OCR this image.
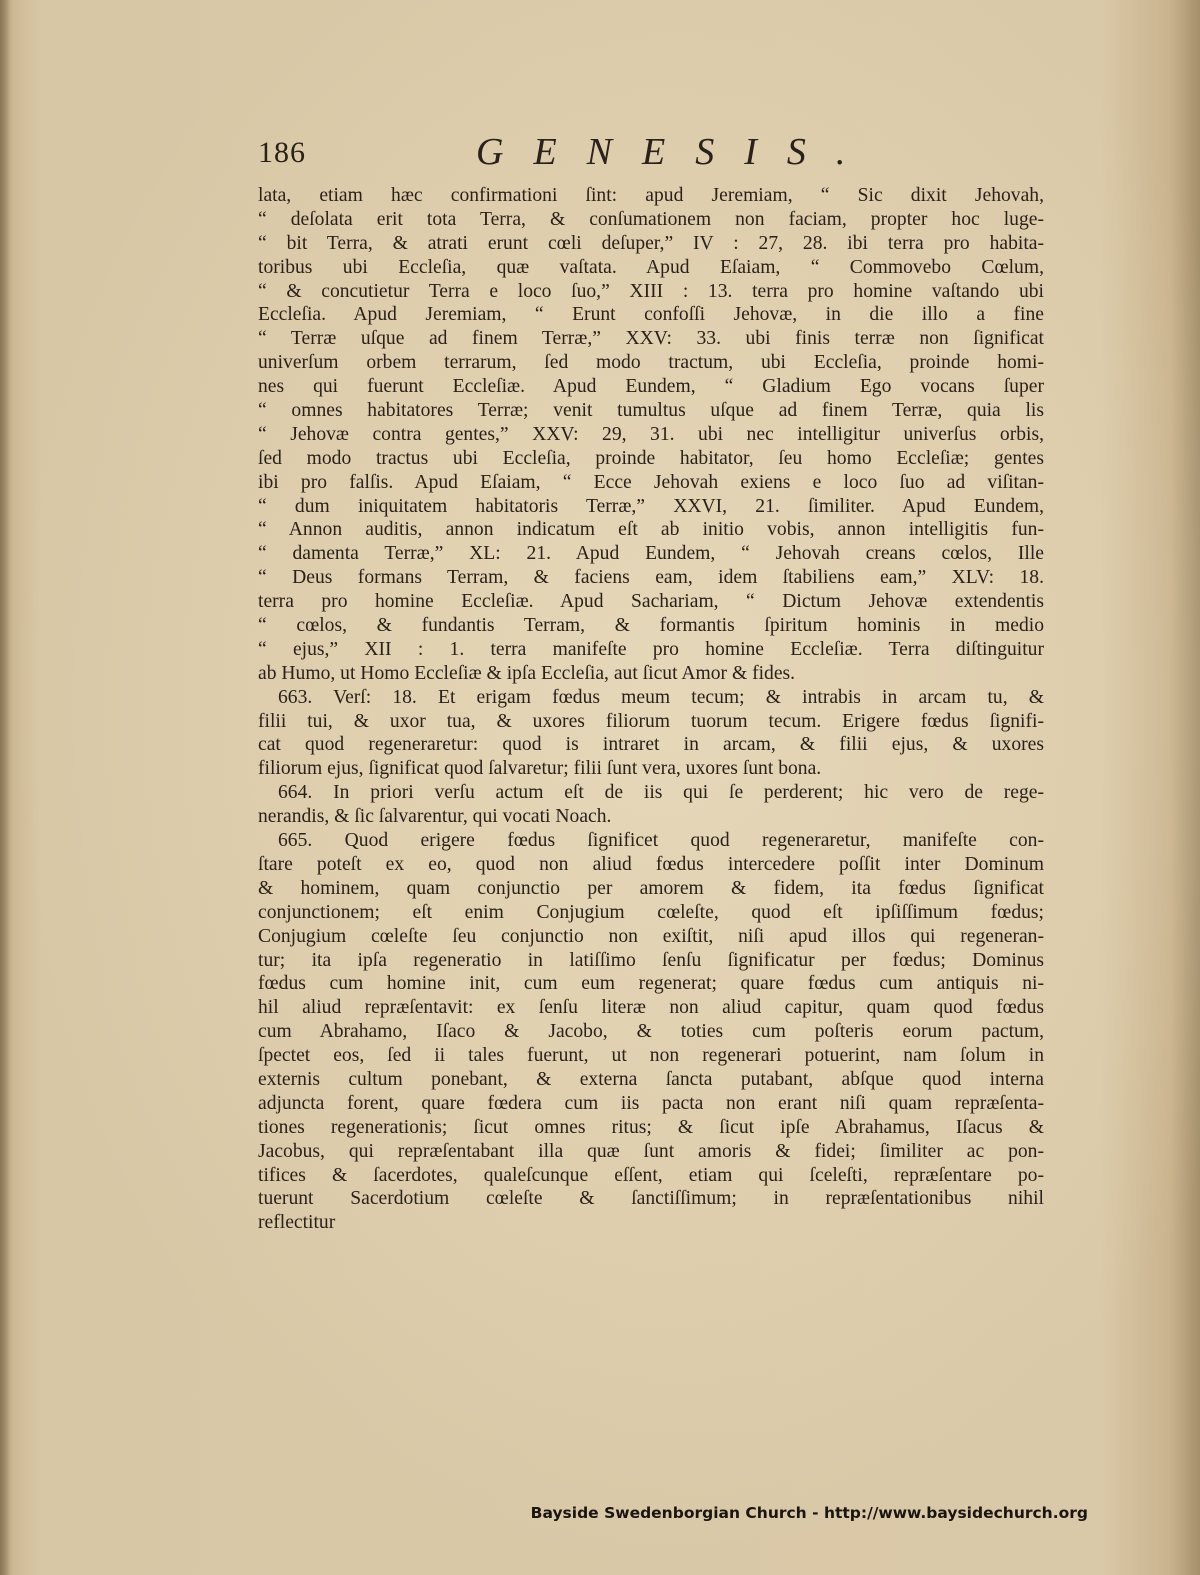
186	GENESIS.
lata, etiam hæc confirmationi ſint: apud Jeremiam, “ Sic dixit Jehovah,
“ deſolata erit tota Terra, & conſumationem non faciam, propter hoc luge-
“ bit Terra, & atrati erunt cœli deſuper,” IV : 27, 28. ibi terra pro habita-
toribus ubi Eccleſia, quæ vaſtata. Apud Eſaiam, “ Commovebo Cœlum,
“ & concutietur Terra e loco ſuo,” XIII : 13. terra pro homine vaſtando ubi
Eccleſia. Apud Jeremiam, “ Erunt confoſſi Jehovæ, in die illo a fine
“ Terræ uſque ad finem Terræ,” XXV: 33. ubi finis terræ non ſignificat
univerſum orbem terrarum, ſed modo tractum, ubi Eccleſia, proinde homi-
nes qui fuerunt Eccleſiæ. Apud Eundem, “ Gladium Ego vocans ſuper
“ omnes habitatores Terræ; venit tumultus uſque ad finem Terræ, quia lis
“ Jehovæ contra gentes,” XXV: 29, 31. ubi nec intelligitur univerſus orbis,
ſed modo tractus ubi Eccleſia, proinde habitator, ſeu homo Eccleſiæ; gentes
ibi pro falſis. Apud Eſaiam, “ Ecce Jehovah exiens e loco ſuo ad viſitan-
“ dum iniquitatem habitatoris Terræ,” XXVI, 21. ſimiliter. Apud Eundem,
“ Annon auditis, annon indicatum eſt ab initio vobis, annon intelligitis fun-
“ damenta Terræ,” XL: 21. Apud Eundem, “ Jehovah creans cœlos, Ille
“ Deus formans Terram, & faciens eam, idem ſtabiliens eam,” XLV: 18.
terra pro homine Eccleſiæ. Apud Sachariam, “ Dictum Jehovæ extendentis
“ cœlos, & fundantis Terram, & formantis ſpiritum hominis in medio
“ ejus,” XII : 1. terra manifeſte pro homine Eccleſiæ. Terra diſtinguitur
ab Humo, ut Homo Eccleſiæ & ipſa Eccleſia, aut ſicut Amor & fides.
663. Verſ: 18. Et erigam fœdus meum tecum; & intrabis in arcam tu, &
filii tui, & uxor tua, & uxores filiorum tuorum tecum. Erigere fœdus ſignifi-
cat quod regeneraretur: quod is intraret in arcam, & filii ejus, & uxores
filiorum ejus, ſignificat quod ſalvaretur; filii ſunt vera, uxores ſunt bona.
664. In priori verſu actum eſt de iis qui ſe perderent; hic vero de rege-
nerandis, & ſic ſalvarentur, qui vocati Noach.
665. Quod erigere fœdus ſignificet quod regeneraretur, manifeſte con-
ſtare poteſt ex eo, quod non aliud fœdus intercedere poſſit inter Dominum
& hominem, quam conjunctio per amorem & fidem, ita fœdus ſignificat
conjunctionem; eſt enim Conjugium cœleſte, quod eſt ipſiſſimum fœdus;
Conjugium cœleſte ſeu conjunctio non exiſtit, niſi apud illos qui regeneran-
tur; ita ipſa regeneratio in latiſſimo ſenſu ſignificatur per fœdus; Dominus
fœdus cum homine init, cum eum regenerat; quare fœdus cum antiquis ni-
hil aliud repræſentavit: ex ſenſu literæ non aliud capitur, quam quod fœdus
cum Abrahamo, Iſaco & Jacobo, & toties cum poſteris eorum pactum,
ſpectet eos, ſed ii tales fuerunt, ut non regenerari potuerint, nam ſolum in
externis cultum ponebant, & externa ſancta putabant, abſque quod interna
adjuncta forent, quare fœdera cum iis pacta non erant niſi quam repræſenta-
tiones regenerationis; ſicut omnes ritus; & ſicut ipſe Abrahamus, Iſacus &
Jacobus, qui repræſentabant illa quæ ſunt amoris & fidei; ſimiliter ac pon-
tifices & ſacerdotes, qualeſcunque eſſent, etiam qui ſceleſti, repræſentare po-
tuerunt Sacerdotium cœleſte & ſanctiſſimum; in repræſentationibus nihil
reflectitur
Bayside Swedenborgian Church - http://www.baysidechurch.org
